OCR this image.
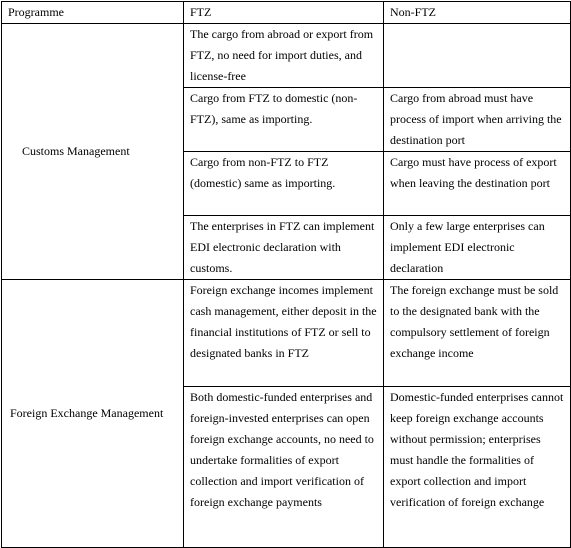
Programme	FTZ	Non-FTZ
Customs Management	The cargo from abroad or export from FTZ, no need for import duties, and license-free	
	Cargo from FTZ to domestic (non-FTZ), same as importing.	Cargo from abroad must have process of import when arriving the destination port
	Cargo from non-FTZ to FTZ (domestic) same as importing.	Cargo must have process of export when leaving the destination port
	The enterprises in FTZ can implement EDI electronic declaration with customs.	Only a few large enterprises can implement EDI electronic declaration
Foreign Exchange Management	Foreign exchange incomes implement cash management, either deposit in the financial institutions of FTZ or sell to designated banks in FTZ	The foreign exchange must be sold to the designated bank with the compulsory settlement of foreign exchange income
	Both domestic-funded enterprises and foreign-invested enterprises can open foreign exchange accounts, no need to undertake formalities of export collection and import verification of foreign exchange payments	Domestic-funded enterprises cannot keep foreign exchange accounts without permission; enterprises must handle the formalities of export collection and import verification of foreign exchange
